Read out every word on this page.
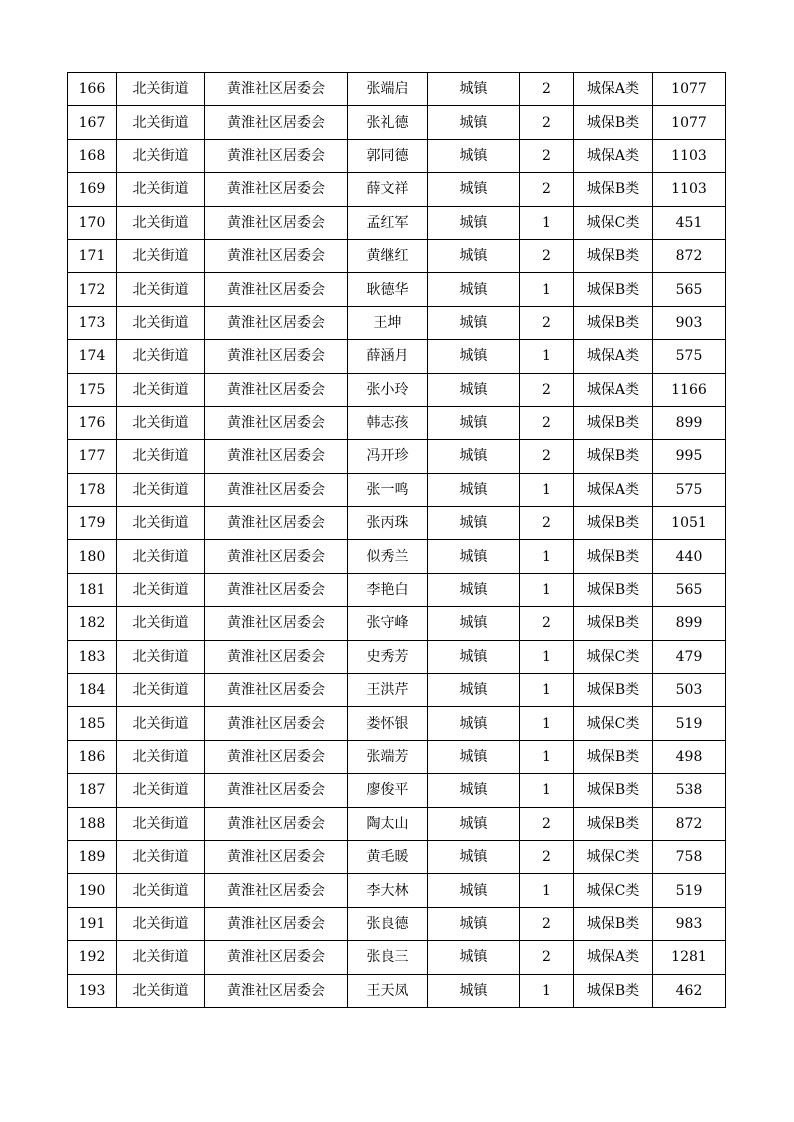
166	北关街道	黄淮社区居委会	张端启	城镇	2	城保A类	1077
167	北关街道	黄淮社区居委会	张礼德	城镇	2	城保B类	1077
168	北关街道	黄淮社区居委会	郭同德	城镇	2	城保A类	1103
169	北关街道	黄淮社区居委会	薛文祥	城镇	2	城保B类	1103
170	北关街道	黄淮社区居委会	孟红军	城镇	1	城保C类	451
171	北关街道	黄淮社区居委会	黄继红	城镇	2	城保B类	872
172	北关街道	黄淮社区居委会	耿德华	城镇	1	城保B类	565
173	北关街道	黄淮社区居委会	王坤	城镇	2	城保B类	903
174	北关街道	黄淮社区居委会	薛涵月	城镇	1	城保A类	575
175	北关街道	黄淮社区居委会	张小玲	城镇	2	城保A类	1166
176	北关街道	黄淮社区居委会	韩志孩	城镇	2	城保B类	899
177	北关街道	黄淮社区居委会	冯开珍	城镇	2	城保B类	995
178	北关街道	黄淮社区居委会	张一鸣	城镇	1	城保A类	575
179	北关街道	黄淮社区居委会	张丙珠	城镇	2	城保B类	1051
180	北关街道	黄淮社区居委会	似秀兰	城镇	1	城保B类	440
181	北关街道	黄淮社区居委会	李艳白	城镇	1	城保B类	565
182	北关街道	黄淮社区居委会	张守峰	城镇	2	城保B类	899
183	北关街道	黄淮社区居委会	史秀芳	城镇	1	城保C类	479
184	北关街道	黄淮社区居委会	王洪芹	城镇	1	城保B类	503
185	北关街道	黄淮社区居委会	娄怀银	城镇	1	城保C类	519
186	北关街道	黄淮社区居委会	张端芳	城镇	1	城保B类	498
187	北关街道	黄淮社区居委会	廖俊平	城镇	1	城保B类	538
188	北关街道	黄淮社区居委会	陶太山	城镇	2	城保B类	872
189	北关街道	黄淮社区居委会	黄毛暖	城镇	2	城保C类	758
190	北关街道	黄淮社区居委会	李大林	城镇	1	城保C类	519
191	北关街道	黄淮社区居委会	张良德	城镇	2	城保B类	983
192	北关街道	黄淮社区居委会	张良三	城镇	2	城保A类	1281
193	北关街道	黄淮社区居委会	王天凤	城镇	1	城保B类	462
